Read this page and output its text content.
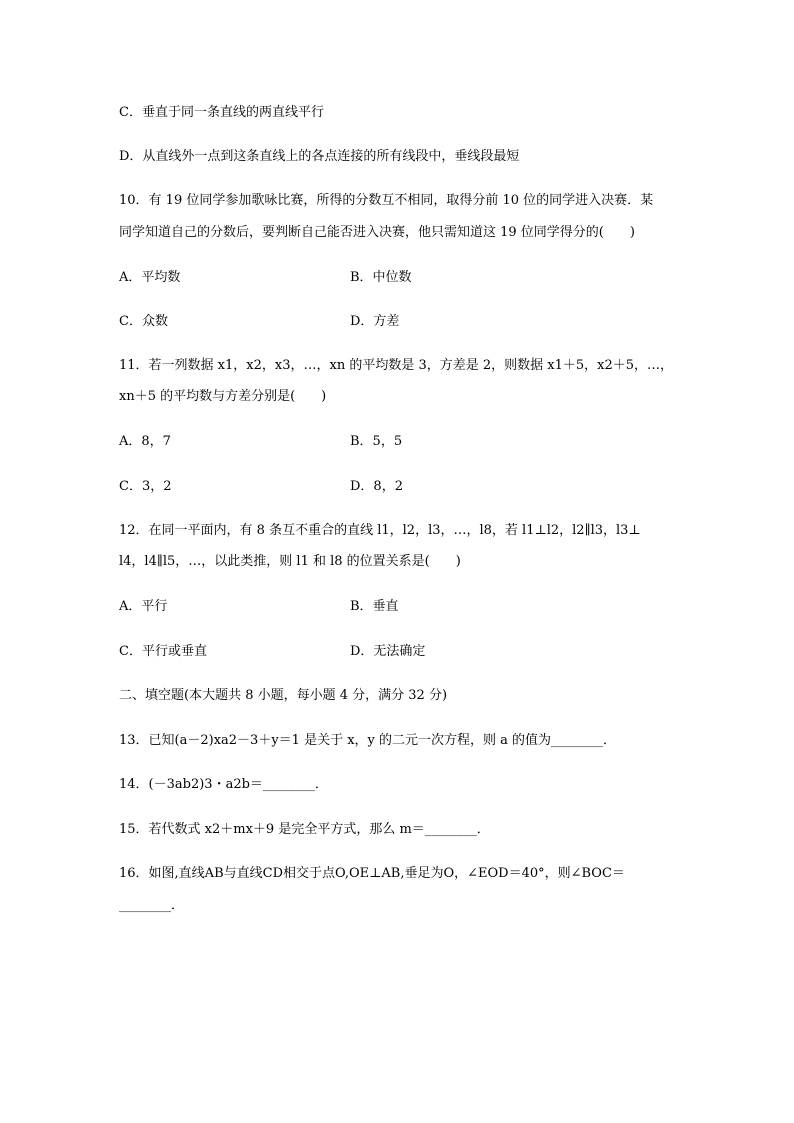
C．垂直于同一条直线的两直线平行
D．从直线外一点到这条直线上的各点连接的所有线段中，垂线段最短
10．有 19 位同学参加歌咏比赛，所得的分数互不相同，取得分前 10 位的同学进入决赛．某
同学知道自己的分数后，要判断自己能否进入决赛，他只需知道这 19 位同学得分的(　　)
A．平均数	B．中位数
C．众数	D．方差
11．若一列数据 x1，x2，x3，…，xn 的平均数是 3，方差是 2，则数据 x1＋5，x2＋5，…，
xn＋5 的平均数与方差分别是(　　)
A．8，7	B．5，5
C．3，2	D．8，2
12．在同一平面内，有 8 条互不重合的直线 l1，l2，l3，…，l8，若 l1⊥l2，l2∥l3，l3⊥
l4，l4∥l5，…，以此类推，则 l1 和 l8 的位置关系是(　　)
A．平行	B．垂直
C．平行或垂直	D．无法确定
二、填空题(本大题共 8 小题，每小题 4 分，满分 32 分)
13．已知(a－2)xa2－3＋y＝1 是关于 x，y 的二元一次方程，则 a 的值为________．
14．(－3ab2)3・a2b＝________．
15．若代数式 x2＋mx＋9 是完全平方式，那么 m＝________．
16．如图,直线AB与直线CD相交于点O,OE⊥AB,垂足为O，∠EOD＝40°，则∠BOC＝
________．
